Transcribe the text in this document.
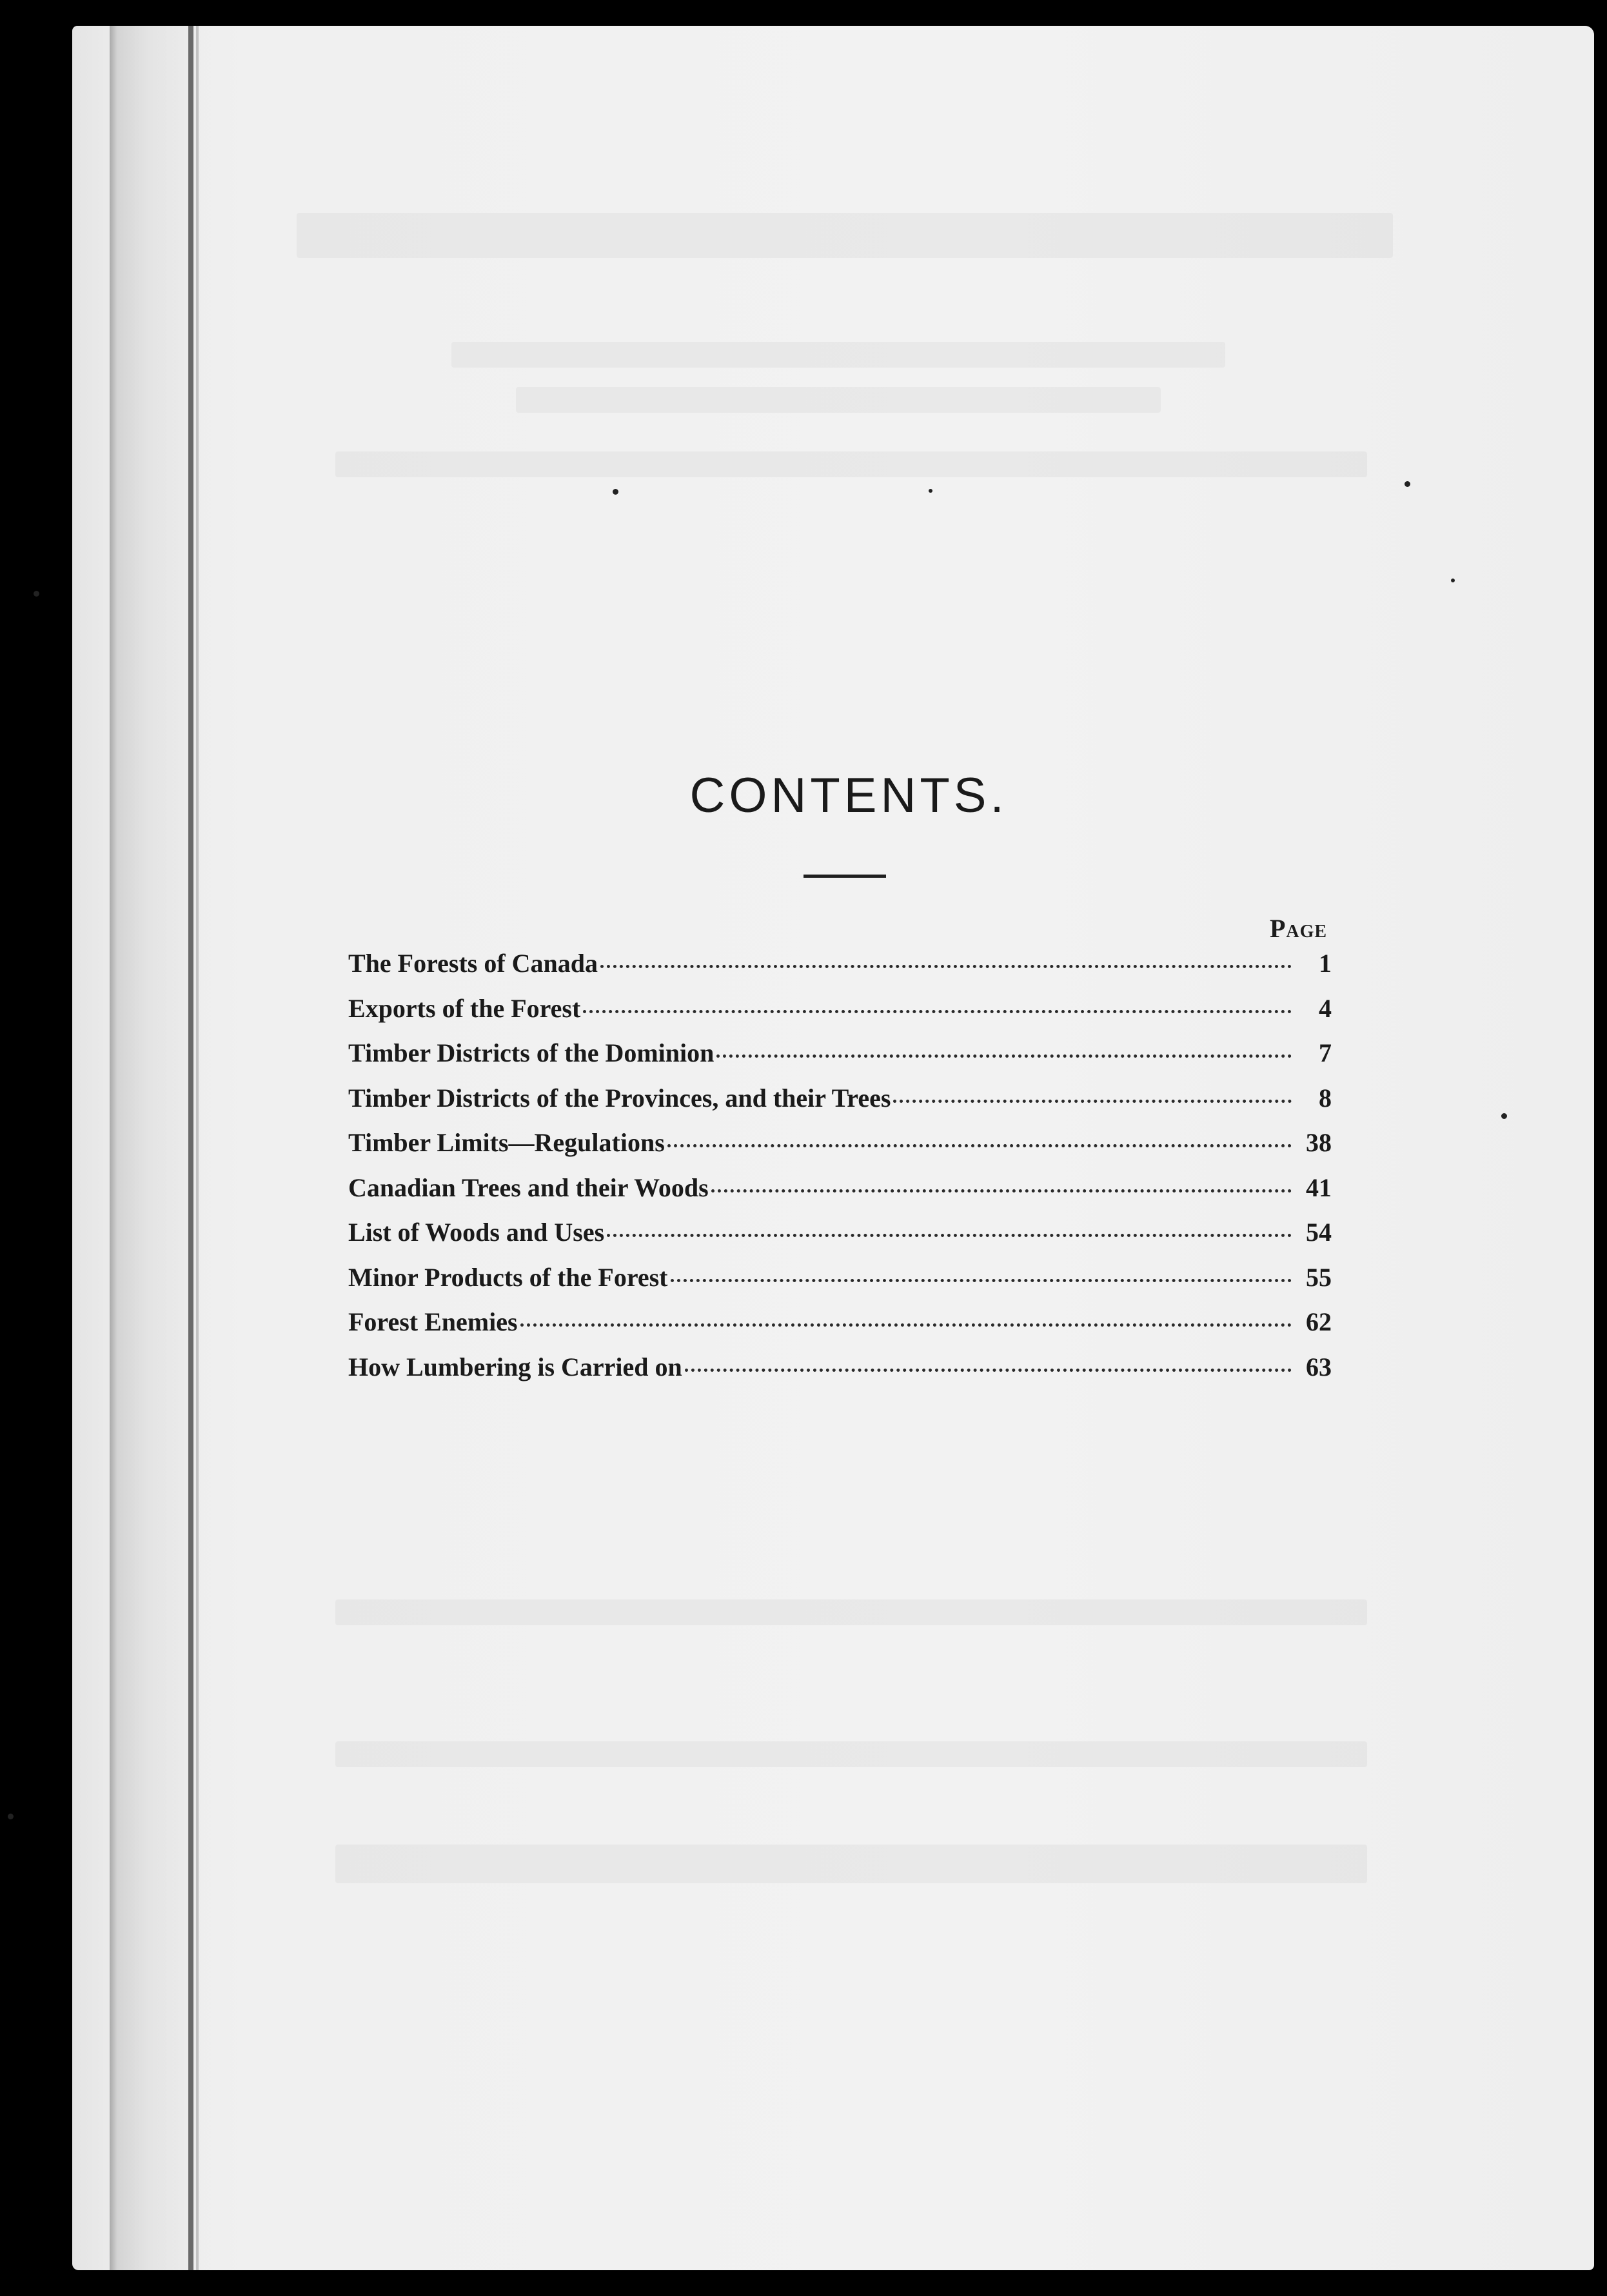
CONTENTS.
Page
The Forests of Canada	1
Exports of the Forest	4
Timber Districts of the Dominion	7
Timber Districts of the Provinces, and their Trees	8
Timber Limits—Regulations	38
Canadian Trees and their Woods	41
List of Woods and Uses	54
Minor Products of the Forest	55
Forest Enemies	62
How Lumbering is Carried on	63
